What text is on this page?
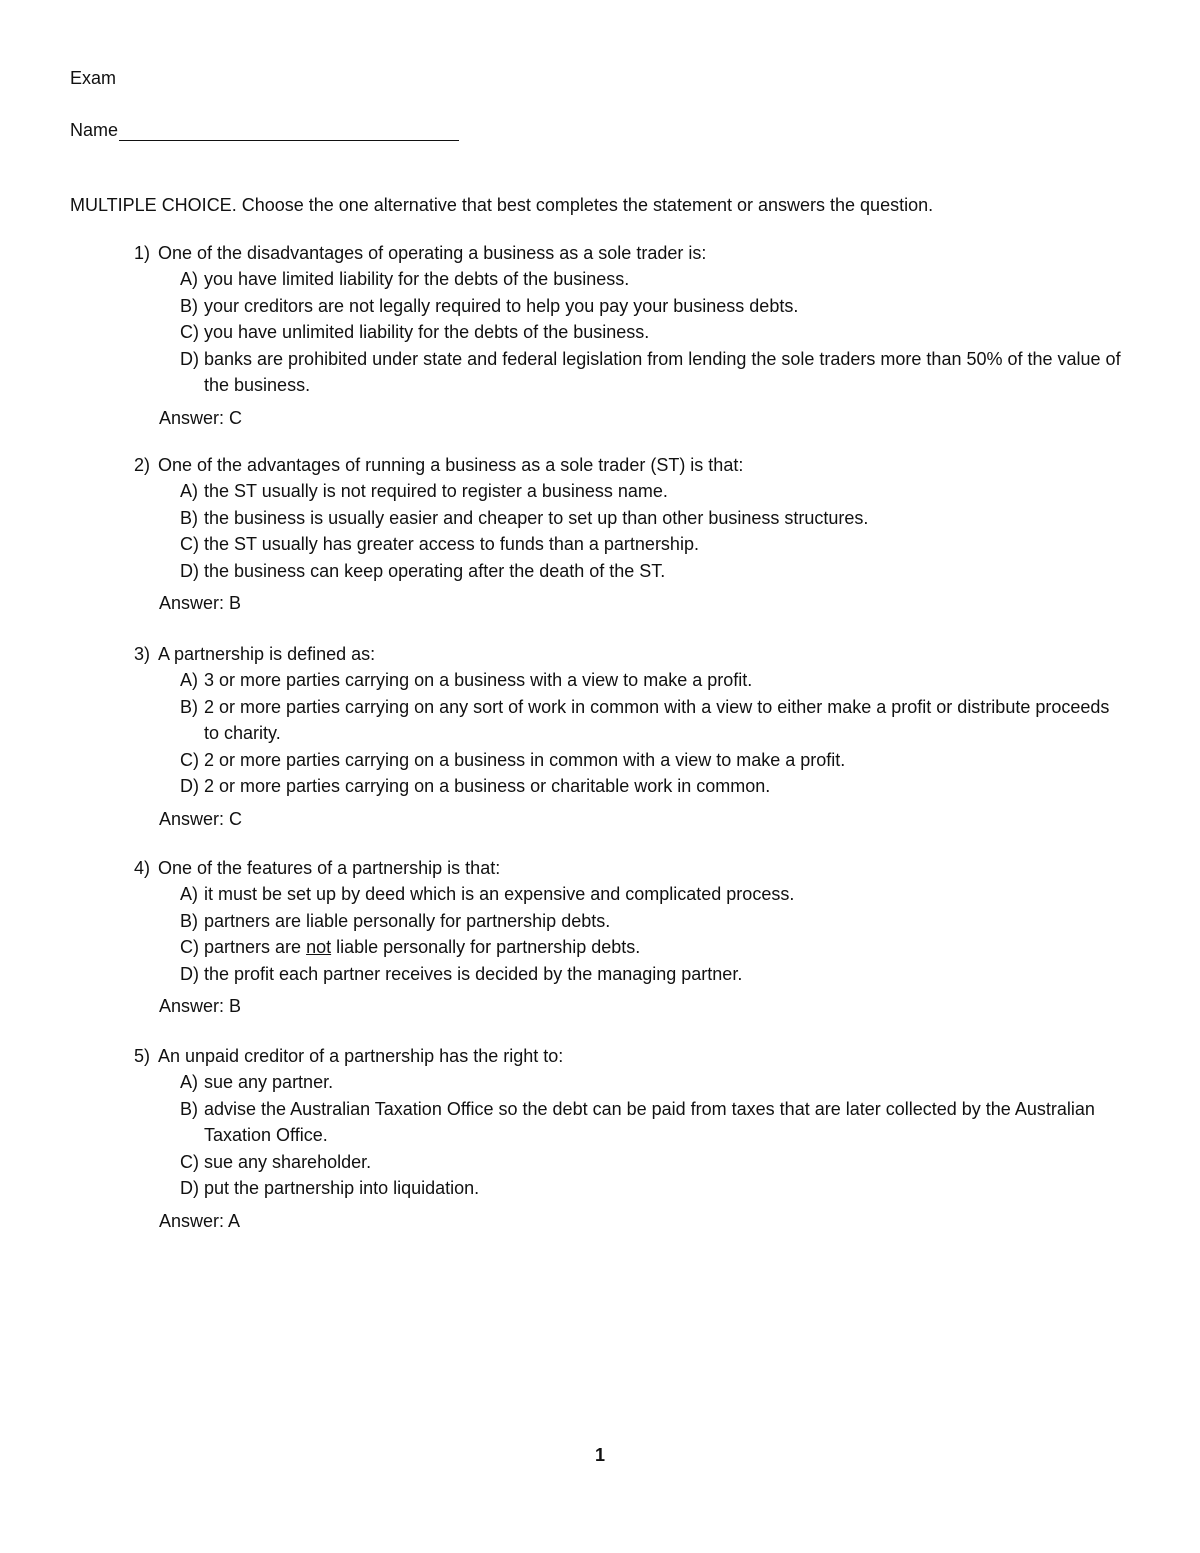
Exam
Name
MULTIPLE CHOICE. Choose the one alternative that best completes the statement or answers the question.
1) One of the disadvantages of operating a business as a sole trader is:
A) you have limited liability for the debts of the business.
B) your creditors are not legally required to help you pay your business debts.
C) you have unlimited liability for the debts of the business.
D) banks are prohibited under state and federal legislation from lending the sole traders more than 50% of the value of the business.
Answer: C
2) One of the advantages of running a business as a sole trader (ST) is that:
A) the ST usually is not required to register a business name.
B) the business is usually easier and cheaper to set up than other business structures.
C) the ST usually has greater access to funds than a partnership.
D) the business can keep operating after the death of the ST.
Answer: B
3) A partnership is defined as:
A) 3 or more parties carrying on a business with a view to make a profit.
B) 2 or more parties carrying on any sort of work in common with a view to either make a profit or distribute proceeds to charity.
C) 2 or more parties carrying on a business in common with a view to make a profit.
D) 2 or more parties carrying on a business or charitable work in common.
Answer: C
4) One of the features of a partnership is that:
A) it must be set up by deed which is an expensive and complicated process.
B) partners are liable personally for partnership debts.
C) partners are not liable personally for partnership debts.
D) the profit each partner receives is decided by the managing partner.
Answer: B
5) An unpaid creditor of a partnership has the right to:
A) sue any partner.
B) advise the Australian Taxation Office so the debt can be paid from taxes that are later collected by the Australian Taxation Office.
C) sue any shareholder.
D) put the partnership into liquidation.
Answer: A
1
